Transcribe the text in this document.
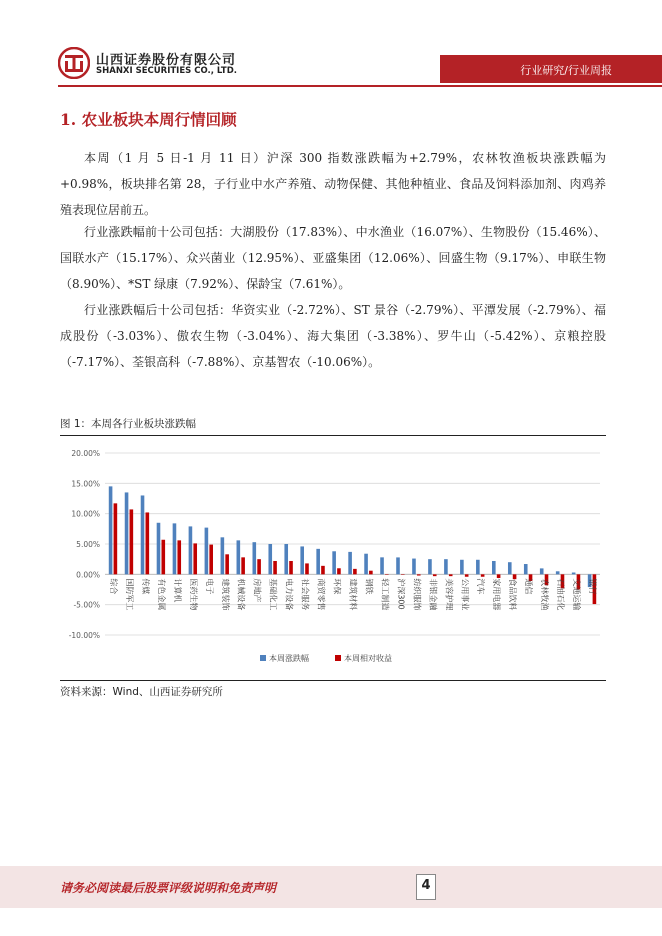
山西证券股份有限公司
SHANXI SECURITIES CO., LTD.	行业研究/行业周报
1. 农业板块本周行情回顾

本周（1 月 5 日-1 月 11 日）沪深 300 指数涨跌幅为+2.79%，农林牧渔板块涨跌幅为+0.98%，板块排名第 28，子行业中水产养殖、动物保健、其他种植业、食品及饲料添加剂、肉鸡养殖表现位居前五。

行业涨跌幅前十公司包括：大湖股份（17.83%）、中水渔业（16.07%）、生物股份（15.46%）、国联水产（15.17%）、众兴菌业（12.95%）、亚盛集团（12.06%）、回盛生物（9.17%）、申联生物（8.90%）、*ST 绿康（7.92%）、保龄宝（7.61%）。

行业涨跌幅后十公司包括：华资实业（-2.72%）、ST 景谷（-2.79%）、平潭发展（-2.79%）、福成股份（-3.03%）、傲农生物（-3.04%）、海大集团（-3.38%）、罗牛山（-5.42%）、京粮控股（-7.17%）、荃银高科（-7.88%）、京基智农（-10.06%）。

图 1：本周各行业板块涨跌幅
20.00%
15.00%
10.00%
5.00%
0.00%
-5.00%
-10.00%
综合 国防军工 传媒 有色金属 计算机 医药生物 电子 建筑装饰 机械设备 房地产 基础化工 电力设备 社会服务 商贸零售 环保 建筑材料 钢铁 轻工制造 沪深300 纺织服饰 非银金融 美容护理 公用事业 汽车 家用电器 食品饮料 通信 农林牧渔 石油石化 交通运输 银行
本周涨跌幅	本周相对收益
资料来源：Wind、山西证券研究所
请务必阅读最后股票评级说明和免责声明	4
